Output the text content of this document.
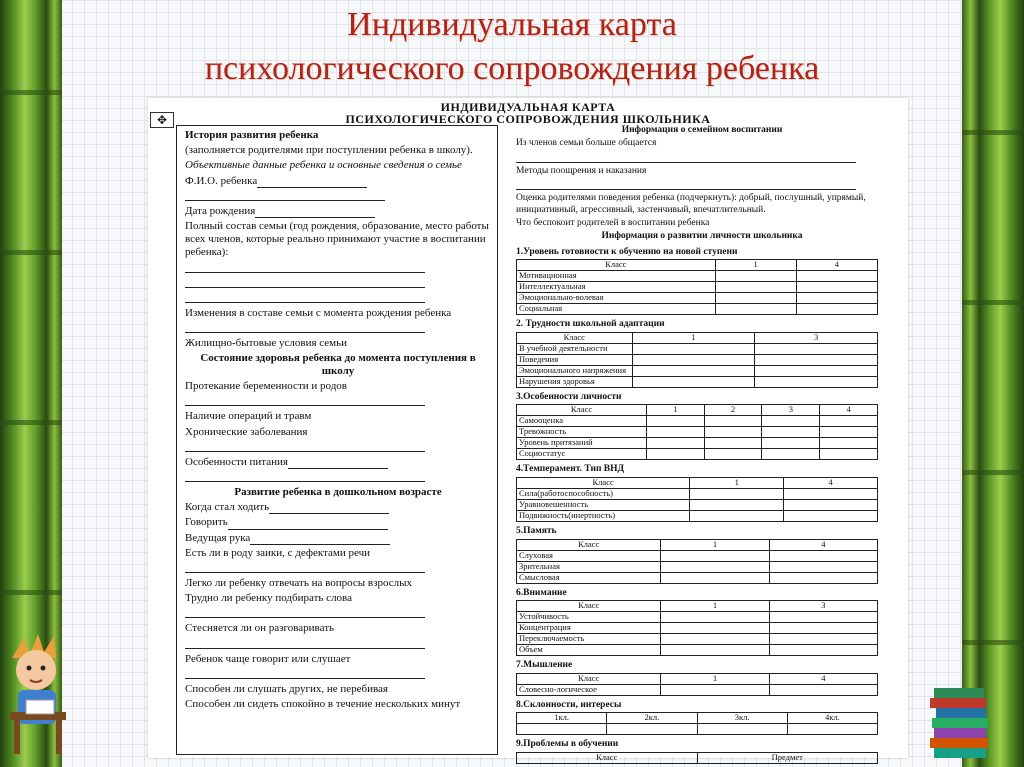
Индивидуальная карта
психологического сопровождения ребенка
✥
ИНДИВИДУАЛЬНАЯ КАРТА
ПСИХОЛОГИЧЕСКОГО СОПРОВОЖДЕНИЯ ШКОЛЬНИКА

История развития ребенка

(заполняется родителями при поступлении ребенка в школу).

Объективные данные ребенка и основные сведения о семье

Ф.И.О. ребенка

Дата рождения

Полный состав семьи (год рождения, образование, место работы всех членов, которые реально принимают участие в воспитании ребенка):

Изменения в составе семьи с момента рождения ребенка

Жилищно-бытовые условия семьи

Состояние здоровья ребенка до момента поступления в школу

Протекание беременности и родов

Наличие операций и травм

Хронические заболевания

Особенности питания

Развитие ребенка в дошкольном возрасте

Когда стал ходить

Говорить

Ведущая рука

Есть ли в роду заики, с дефектами речи

Легко ли ребенку отвечать на вопросы взрослых

Трудно ли ребенку подбирать слова

Стесняется ли он разговаривать

Ребенок чаще говорит или слушает

Способен ли слушать других, не перебивая

Способен ли сидеть спокойно в течение нескольких минут

Информация о семейном воспитании

Из членов семьи больше общается

Методы поощрения и наказания

Оценка родителями поведения ребенка (подчеркнуть): добрый, послушный, упрямый, инициативный, агрессивный, застенчивый, впечатлительный.

Что беспокоит родителей в воспитании ребенка

Информация о развитии личности школьника

1.Уровень готовности к обучению на новой ступени
Класс	1	4
Мотивационная		
Интеллектуальная		
Эмоционально-волевая		
Социальная		
2. Трудности школьной адаптации
Класс	1	3
В учебной деятельности		
Поведения		
Эмоционального напряжения		
Нарушения здоровья		
3.Особенности личности
Класс	1	2	3	4
Самооценка				
Тревожность				
Уровень притязаний				
Социостатус				
4.Темперамент. Тип ВНД
Класс	1	4
Сила(работоспособность)		
Уравновешенность		
Подвижность(инертность)		
5.Память
Класс	1	4
Слуховая		
Зрительная		
Смысловая		
6.Внимание
Класс	1	3
Устойчивость		
Концентрация		
Переключаемость		
Объем		
7.Мышление
Класс	1	4
Словесно-логическое		
8.Склонности, интересы
1кл.	2кл.	3кл.	4кл.

9.Проблемы в обучении
Класс	Предмет
